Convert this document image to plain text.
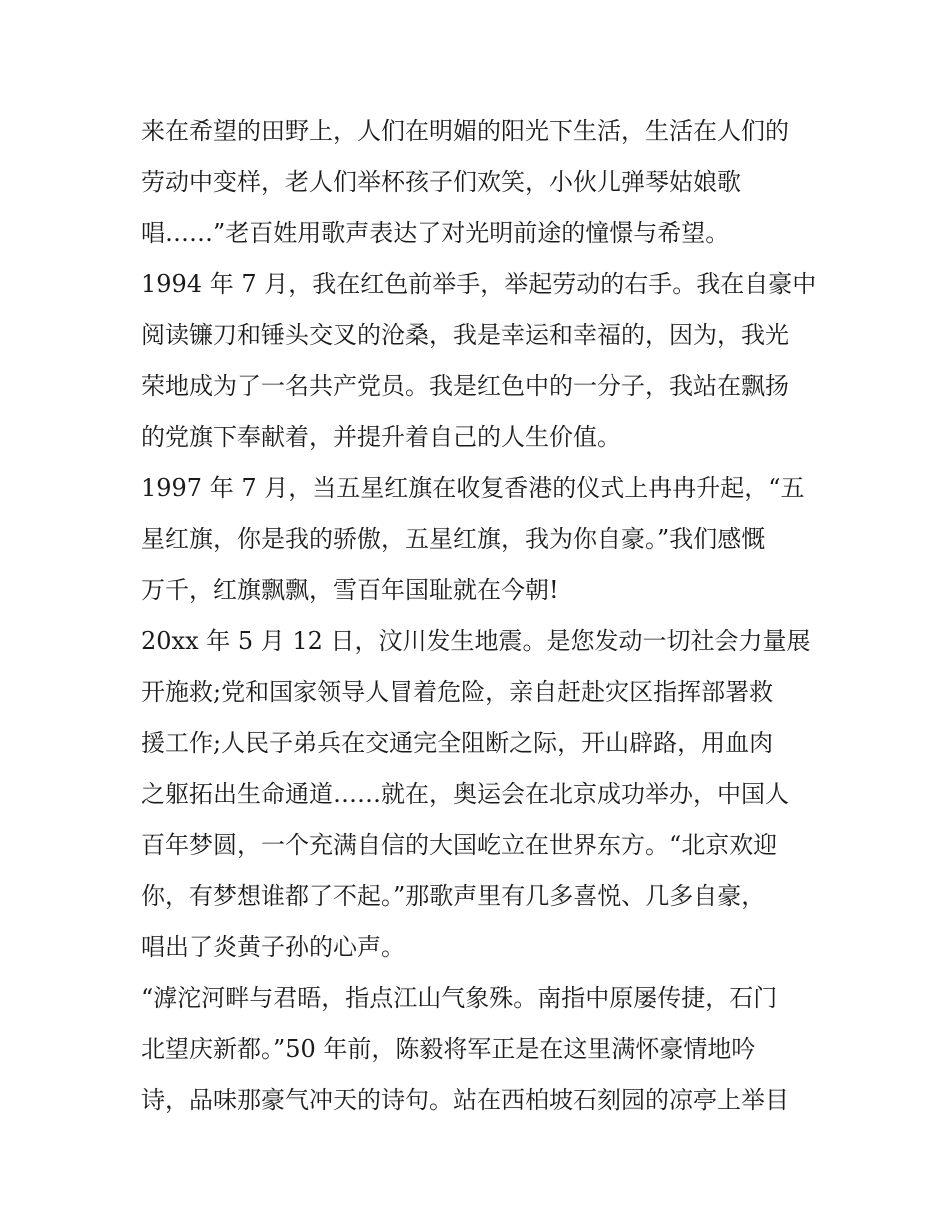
来在希望的田野上，人们在明媚的阳光下生活，生活在人们的
劳动中变样，老人们举杯孩子们欢笑，小伙儿弹琴姑娘歌
唱……”老百姓用歌声表达了对光明前途的憧憬与希望。
1994 年 7 月，我在红色前举手，举起劳动的右手。我在自豪中
阅读镰刀和锤头交叉的沧桑，我是幸运和幸福的，因为，我光
荣地成为了一名共产党员。我是红色中的一分子，我站在飘扬
的党旗下奉献着，并提升着自己的人生价值。
1997 年 7 月，当五星红旗在收复香港的仪式上冉冉升起，“五
星红旗，你是我的骄傲，五星红旗，我为你自豪。”我们感慨
万千，红旗飘飘，雪百年国耻就在今朝!
20xx 年 5 月 12 日，汶川发生地震。是您发动一切社会力量展
开施救;党和国家领导人冒着危险，亲自赶赴灾区指挥部署救
援工作;人民子弟兵在交通完全阻断之际，开山辟路，用血肉
之躯拓出生命通道……就在，奥运会在北京成功举办，中国人
百年梦圆，一个充满自信的大国屹立在世界东方。“北京欢迎
你，有梦想谁都了不起。”那歌声里有几多喜悦、几多自豪，
唱出了炎黄子孙的心声。
“滹沱河畔与君晤，指点江山气象殊。南指中原屡传捷，石门
北望庆新都。”50 年前，陈毅将军正是在这里满怀豪情地吟
诗，品味那豪气冲天的诗句。站在西柏坡石刻园的凉亭上举目
